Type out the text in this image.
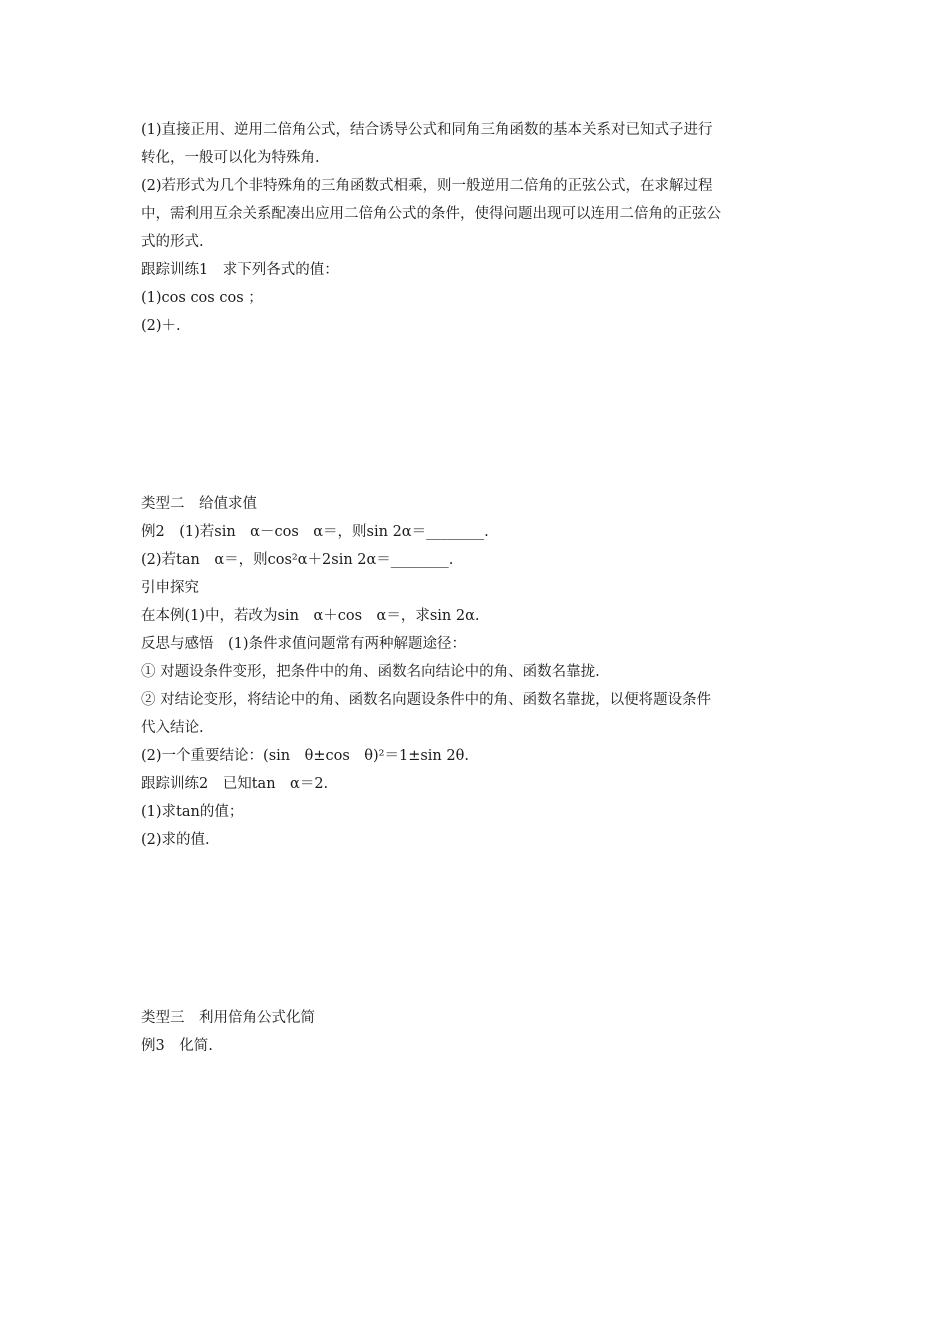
(1)直接正用、逆用二倍角公式，结合诱导公式和同角三角函数的基本关系对已知式子进行
转化，一般可以化为特殊角.
(2)若形式为几个非特殊角的三角函数式相乘，则一般逆用二倍角的正弦公式，在求解过程
中，需利用互余关系配凑出应用二倍角公式的条件，使得问题出现可以连用二倍角的正弦公
式的形式.
跟踪训练1　求下列各式的值：
(1)cos cos cos ；
(2)＋.
类型二　给值求值
例2　(1)若sin　α－cos　α＝，则sin 2α＝________.
(2)若tan　α＝，则cos²α＋2sin 2α＝________.
引申探究
在本例(1)中，若改为sin　α＋cos　α＝，求sin 2α.
反思与感悟　(1)条件求值问题常有两种解题途径：
① 对题设条件变形，把条件中的角、函数名向结论中的角、函数名靠拢.
② 对结论变形，将结论中的角、函数名向题设条件中的角、函数名靠拢，以便将题设条件
代入结论.
(2)一个重要结论：(sin　θ±cos　θ)²＝1±sin 2θ.
跟踪训练2　已知tan　α＝2.
(1)求tan的值；
(2)求的值.
类型三　利用倍角公式化简
例3　化简.
